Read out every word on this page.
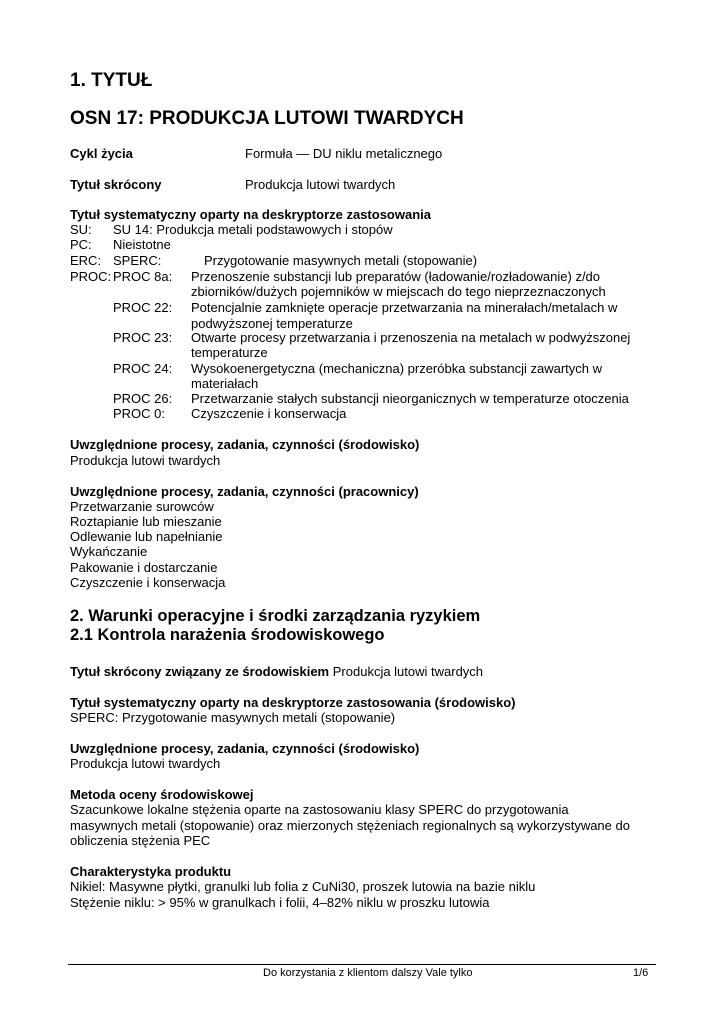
1. TYTUŁ
OSN 17: PRODUKCJA LUTOWI TWARDYCH
Cykl życia	Formuła — DU niklu metalicznego
Tytuł skrócony	Produkcja lutowi twardych
Tytuł systematyczny oparty na deskryptorze zastosowania
SU: SU 14: Produkcja metali podstawowych i stopów
PC: Nieistotne
ERC: SPERC:	Przygotowanie masywnych metali (stopowanie)
PROC: PROC 8a: Przenoszenie substancji lub preparatów (ładowanie/rozładowanie) z/do
zbiorników/dużych pojemników w miejscach do tego nieprzeznaczonych
PROC 22: Potencjalnie zamknięte operacje przetwarzania na minerałach/metalach w
podwyższonej temperaturze
PROC 23: Otwarte procesy przetwarzania i przenoszenia na metalach w podwyższonej
temperaturze
PROC 24: Wysokoenergetyczna (mechaniczna) przeróbka substancji zawartych w
materiałach
PROC 26: Przetwarzanie stałych substancji nieorganicznych w temperaturze otoczenia
PROC 0: Czyszczenie i konserwacja
Uwzględnione procesy, zadania, czynności (środowisko)
Produkcja lutowi twardych
Uwzględnione procesy, zadania, czynności (pracownicy)
Przetwarzanie surowców
Roztapianie lub mieszanie
Odlewanie lub napełnianie
Wykańczanie
Pakowanie i dostarczanie
Czyszczenie i konserwacja
2. Warunki operacyjne i środki zarządzania ryzykiem
2.1 Kontrola narażenia środowiskowego
Tytuł skrócony związany ze środowiskiem Produkcja lutowi twardych
Tytuł systematyczny oparty na deskryptorze zastosowania (środowisko)
SPERC: Przygotowanie masywnych metali (stopowanie)
Uwzględnione procesy, zadania, czynności (środowisko)
Produkcja lutowi twardych
Metoda oceny środowiskowej
Szacunkowe lokalne stężenia oparte na zastosowaniu klasy SPERC do przygotowania
masywnych metali (stopowanie) oraz mierzonych stężeniach regionalnych są wykorzystywane do
obliczenia stężenia PEC
Charakterystyka produktu
Nikiel: Masywne płytki, granulki lub folia z CuNi30, proszek lutowia na bazie niklu
Stężenie niklu: > 95% w granulkach i folii, 4–82% niklu w proszku lutowia
Do korzystania z klientom dalszy Vale tylko	1/6
